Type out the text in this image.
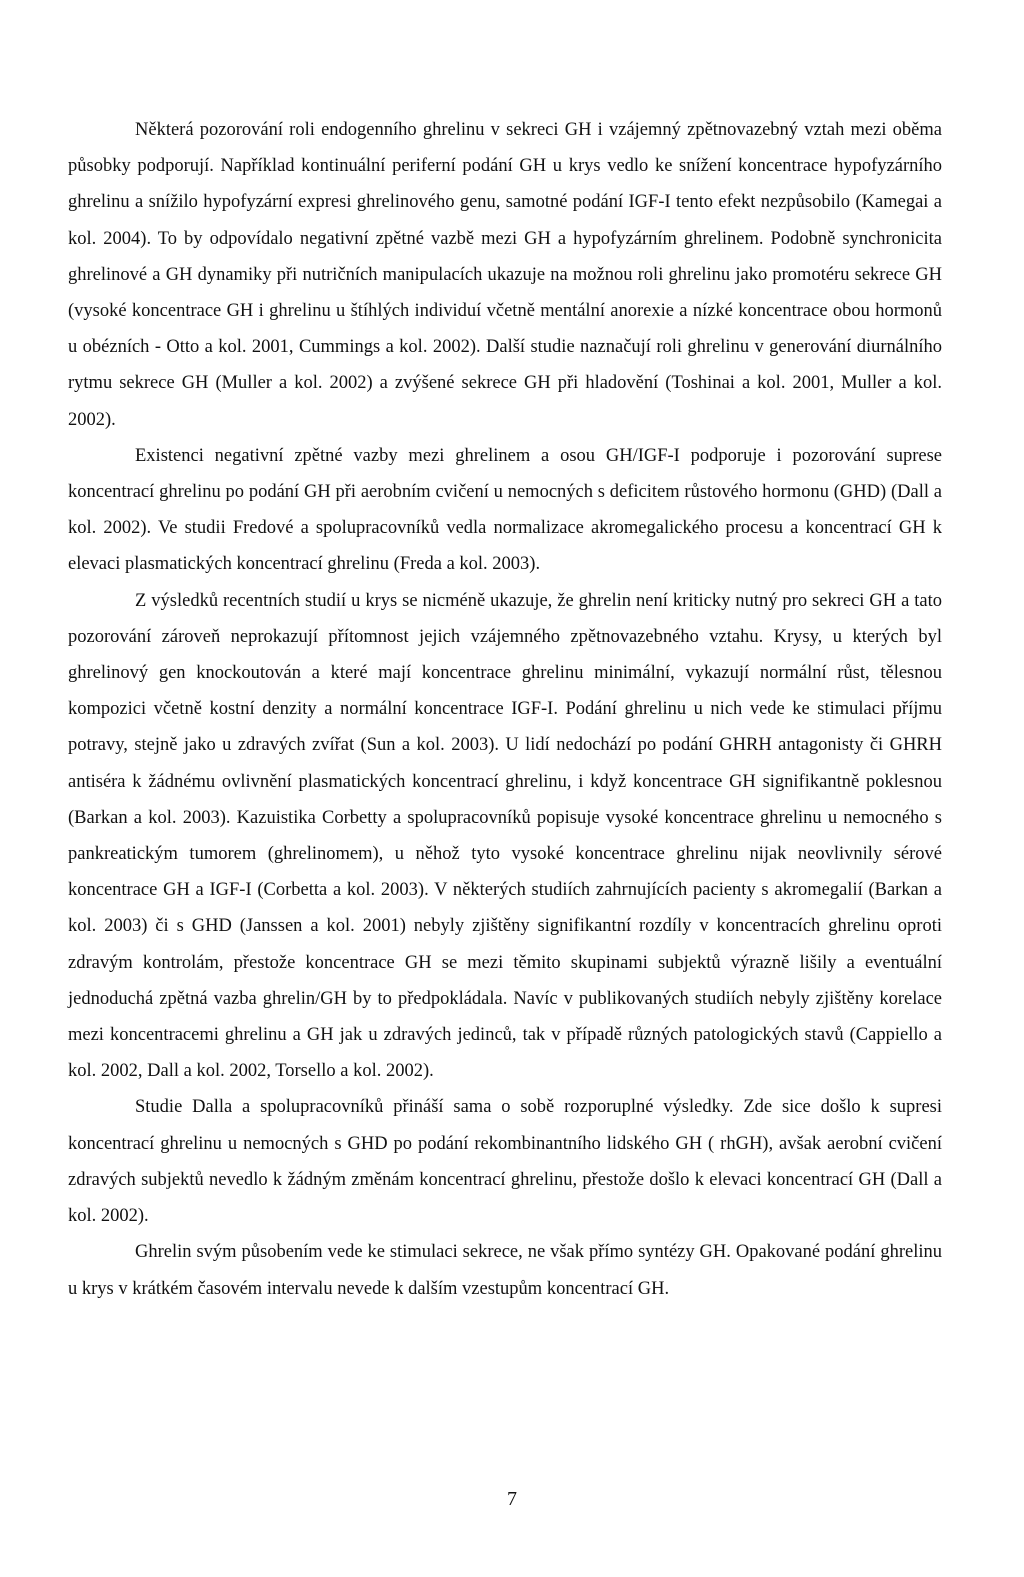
Některá pozorování roli endogenního ghrelinu v sekreci GH i vzájemný zpětnovazebný vztah mezi oběma působky podporují. Například kontinuální periferní podání GH u krys vedlo ke snížení koncentrace hypofyzárního ghrelinu a snížilo hypofyzární expresi ghrelinového genu, samotné podání IGF-I tento efekt nezpůsobilo (Kamegai a kol. 2004). To by odpovídalo negativní zpětné vazbě mezi GH a hypofyzárním ghrelinem. Podobně synchronicita ghrelinové a GH dynamiky při nutričních manipulacích ukazuje na možnou roli ghrelinu jako promotéru sekrece GH (vysoké koncentrace GH i ghrelinu u štíhlých individuí včetně mentální anorexie a nízké koncentrace obou hormonů u obézních - Otto a kol. 2001, Cummings a kol. 2002). Další studie naznačují roli ghrelinu v generování diurnálního rytmu sekrece GH (Muller a kol. 2002) a zvýšené sekrece GH při hladovění (Toshinai a kol. 2001, Muller a kol. 2002).

Existenci negativní zpětné vazby mezi ghrelinem a osou GH/IGF-I podporuje i pozorování suprese koncentrací ghrelinu po podání GH při aerobním cvičení u nemocných s deficitem růstového hormonu (GHD) (Dall a kol. 2002). Ve studii Fredové a spolupracovníků vedla normalizace akromegalického procesu a koncentrací GH k elevaci plasmatických koncentrací ghrelinu (Freda a kol. 2003).

Z výsledků recentních studií u krys se nicméně ukazuje, že ghrelin není kriticky nutný pro sekreci GH a tato pozorování zároveň neprokazují přítomnost jejich vzájemného zpětnovazebného vztahu. Krysy, u kterých byl ghrelinový gen knockoutován a které mají koncentrace ghrelinu minimální, vykazují normální růst, tělesnou kompozici včetně kostní denzity a normální koncentrace IGF-I. Podání ghrelinu u nich vede ke stimulaci příjmu potravy, stejně jako u zdravých zvířat (Sun a kol. 2003). U lidí nedochází po podání GHRH antagonisty či GHRH antiséra k žádnému ovlivnění plasmatických koncentrací ghrelinu, i když koncentrace GH signifikantně poklesnou (Barkan a kol. 2003). Kazuistika Corbetty a spolupracovníků popisuje vysoké koncentrace ghrelinu u nemocného s pankreatickým tumorem (ghrelinomem), u něhož tyto vysoké koncentrace ghrelinu nijak neovlivnily sérové koncentrace GH a IGF-I (Corbetta a kol. 2003). V některých studiích zahrnujících pacienty s akromegalií (Barkan a kol. 2003) či s GHD (Janssen a kol. 2001) nebyly zjištěny signifikantní rozdíly v koncentracích ghrelinu oproti zdravým kontrolám, přestože koncentrace GH se mezi těmito skupinami subjektů výrazně lišily a eventuální jednoduchá zpětná vazba ghrelin/GH by to předpokládala. Navíc v publikovaných studiích nebyly zjištěny korelace mezi koncentracemi ghrelinu a GH jak u zdravých jedinců, tak v případě různých patologických stavů (Cappiello a kol. 2002, Dall a kol. 2002, Torsello a kol. 2002).

Studie Dalla a spolupracovníků přináší sama o sobě rozporuplné výsledky. Zde sice došlo k supresi koncentrací ghrelinu u nemocných s GHD po podání rekombinantního lidského GH ( rhGH), avšak aerobní cvičení zdravých subjektů nevedlo k žádným změnám koncentrací ghrelinu, přestože došlo k elevaci koncentrací GH (Dall a kol. 2002).

Ghrelin svým působením vede ke stimulaci sekrece, ne však přímo syntézy GH. Opakované podání ghrelinu u krys v krátkém časovém intervalu nevede k dalším vzestupům koncentrací GH.

7
